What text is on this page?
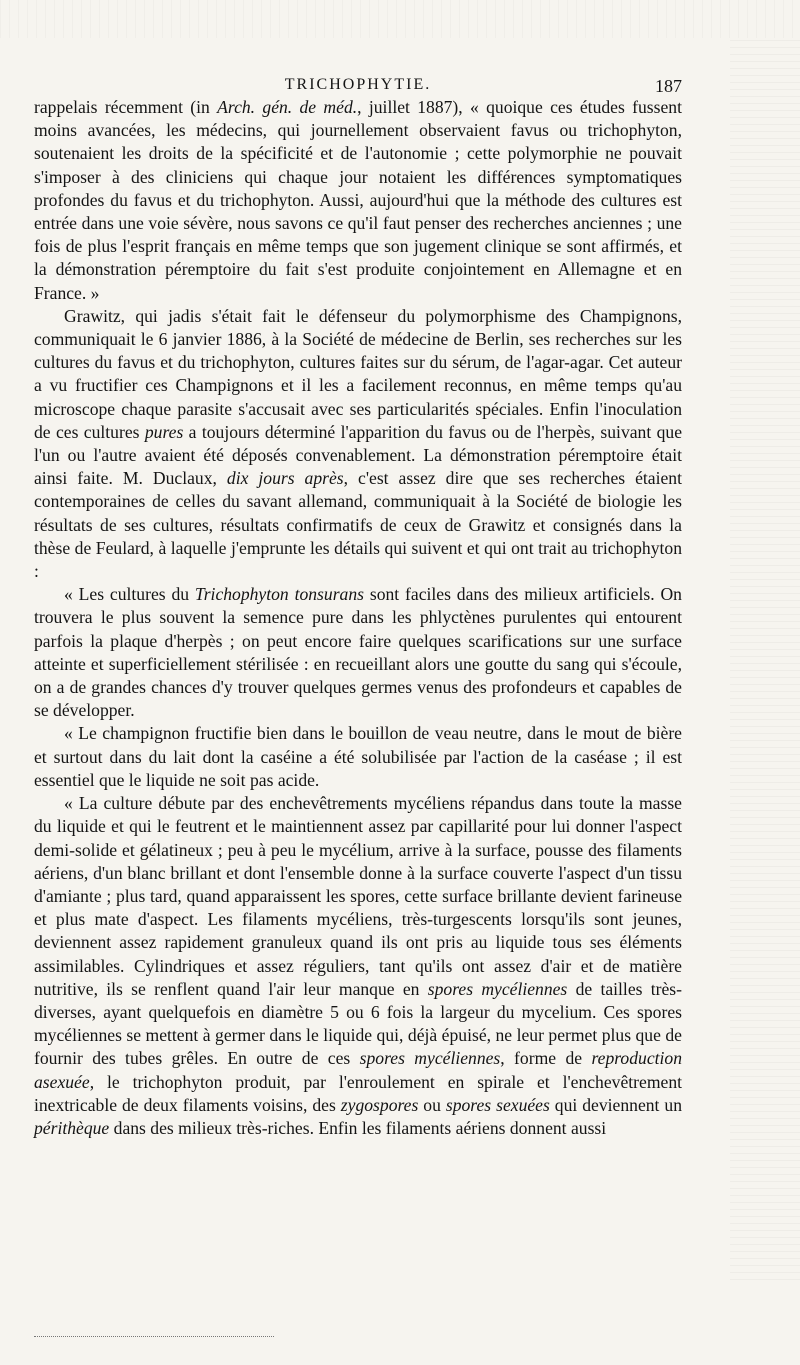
TRICHOPHYTIE.	187

rappelais récemment (in Arch. gén. de méd., juillet 1887), « quoique ces études fussent moins avancées, les médecins, qui journellement observaient favus ou trichophyton, soutenaient les droits de la spécificité et de l'autonomie ; cette polymorphie ne pouvait s'imposer à des cliniciens qui chaque jour notaient les différences symptomatiques profondes du favus et du trichophyton. Aussi, aujourd'hui que la méthode des cultures est entrée dans une voie sévère, nous savons ce qu'il faut penser des recherches anciennes ; une fois de plus l'esprit français en même temps que son jugement clinique se sont affirmés, et la démonstration péremptoire du fait s'est produite conjointement en Allemagne et en France. »

Grawitz, qui jadis s'était fait le défenseur du polymorphisme des Champignons, communiquait le 6 janvier 1886, à la Société de médecine de Berlin, ses recherches sur les cultures du favus et du trichophyton, cultures faites sur du sérum, de l'agar-agar. Cet auteur a vu fructifier ces Champignons et il les a facilement reconnus, en même temps qu'au microscope chaque parasite s'accusait avec ses particularités spéciales. Enfin l'inoculation de ces cultures pures a toujours déterminé l'apparition du favus ou de l'herpès, suivant que l'un ou l'autre avaient été déposés convenablement. La démonstration péremptoire était ainsi faite. M. Duclaux, dix jours après, c'est assez dire que ses recherches étaient contemporaines de celles du savant allemand, communiquait à la Société de biologie les résultats de ses cultures, résultats confirmatifs de ceux de Grawitz et consignés dans la thèse de Feulard, à laquelle j'emprunte les détails qui suivent et qui ont trait au trichophyton :

« Les cultures du Trichophyton tonsurans sont faciles dans des milieux artificiels. On trouvera le plus souvent la semence pure dans les phlyctènes purulentes qui entourent parfois la plaque d'herpès ; on peut encore faire quelques scarifications sur une surface atteinte et superficiellement stérilisée : en recueillant alors une goutte du sang qui s'écoule, on a de grandes chances d'y trouver quelques germes venus des profondeurs et capables de se développer.

« Le champignon fructifie bien dans le bouillon de veau neutre, dans le mout de bière et surtout dans du lait dont la caséine a été solubilisée par l'action de la caséase ; il est essentiel que le liquide ne soit pas acide.

« La culture débute par des enchevêtrements mycéliens répandus dans toute la masse du liquide et qui le feutrent et le maintiennent assez par capillarité pour lui donner l'aspect demi-solide et gélatineux ; peu à peu le mycélium, arrive à la surface, pousse des filaments aériens, d'un blanc brillant et dont l'ensemble donne à la surface couverte l'aspect d'un tissu d'amiante ; plus tard, quand apparaissent les spores, cette surface brillante devient farineuse et plus mate d'aspect. Les filaments mycéliens, très-turgescents lorsqu'ils sont jeunes, deviennent assez rapidement granuleux quand ils ont pris au liquide tous ses éléments assimilables. Cylindriques et assez réguliers, tant qu'ils ont assez d'air et de matière nutritive, ils se renflent quand l'air leur manque en spores mycéliennes de tailles très-diverses, ayant quelquefois en diamètre 5 ou 6 fois la largeur du mycelium. Ces spores mycéliennes se mettent à germer dans le liquide qui, déjà épuisé, ne leur permet plus que de fournir des tubes grêles. En outre de ces spores mycéliennes, forme de reproduction asexuée, le trichophyton produit, par l'enroulement en spirale et l'enchevêtrement inextricable de deux filaments voisins, des zygospores ou spores sexuées qui deviennent un périthèque dans des milieux très-riches. Enfin les filaments aériens donnent aussi
